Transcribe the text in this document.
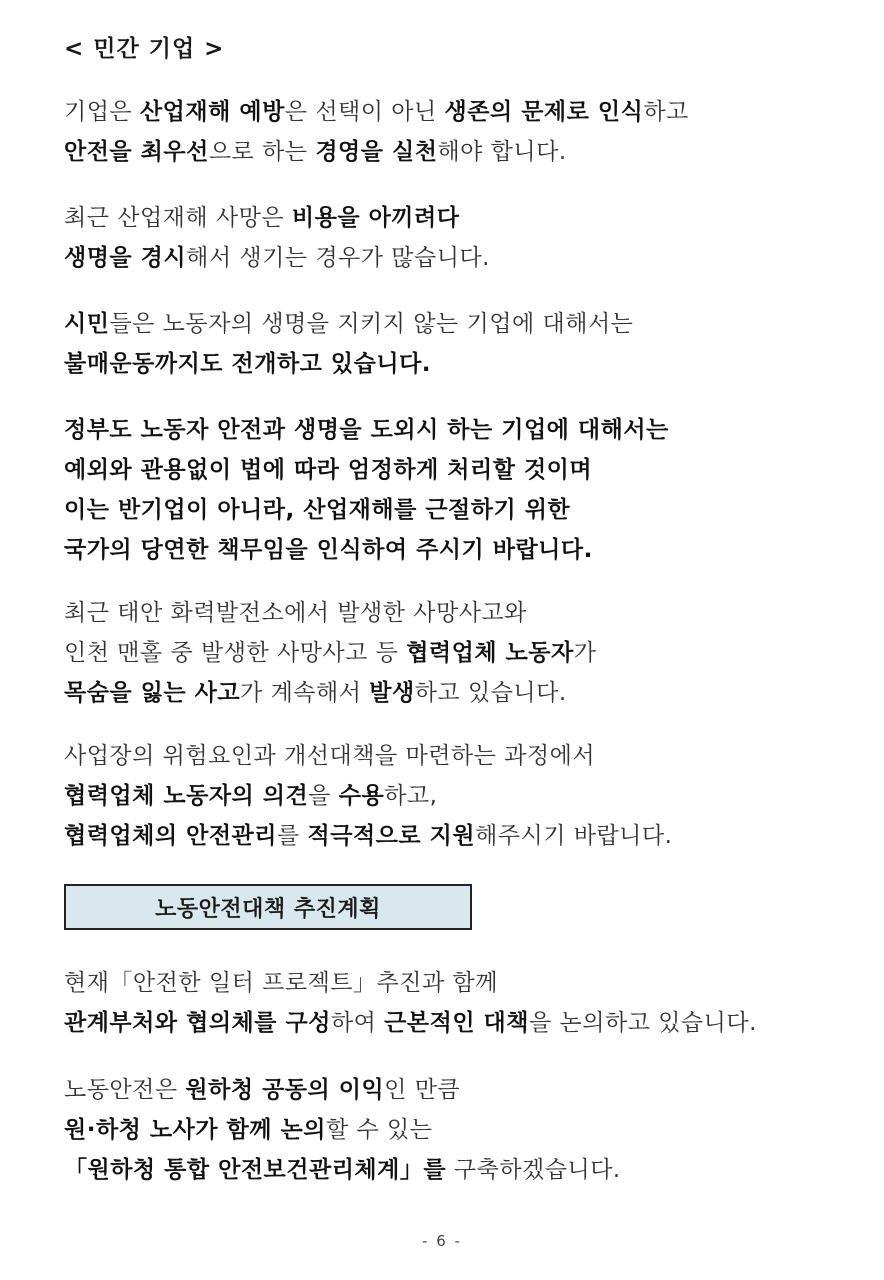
< 민간 기업 >
기업은 산업재해 예방은 선택이 아닌 생존의 문제로 인식하고
안전을 최우선으로 하는 경영을 실천해야 합니다.
최근 산업재해 사망은 비용을 아끼려다
생명을 경시해서 생기는 경우가 많습니다.
시민들은 노동자의 생명을 지키지 않는 기업에 대해서는
불매운동까지도 전개하고 있습니다.
정부도 노동자 안전과 생명을 도외시 하는 기업에 대해서는
예외와 관용없이 법에 따라 엄정하게 처리할 것이며
이는 반기업이 아니라, 산업재해를 근절하기 위한
국가의 당연한 책무임을 인식하여 주시기 바랍니다.
최근 태안 화력발전소에서 발생한 사망사고와
인천 맨홀 중 발생한 사망사고 등 협력업체 노동자가
목숨을 잃는 사고가 계속해서 발생하고 있습니다.
사업장의 위험요인과 개선대책을 마련하는 과정에서
협력업체 노동자의 의견을 수용하고,
협력업체의 안전관리를 적극적으로 지원해주시기 바랍니다.
현재「안전한 일터 프로젝트」추진과 함께
관계부처와 협의체를 구성하여 근본적인 대책을 논의하고 있습니다.
노동안전은 원하청 공동의 이익인 만큼
원·하청 노사가 함께 논의할 수 있는
「원하청 통합 안전보건관리체계」를 구축하겠습니다.
노동안전대책 추진계획
- 6 -
